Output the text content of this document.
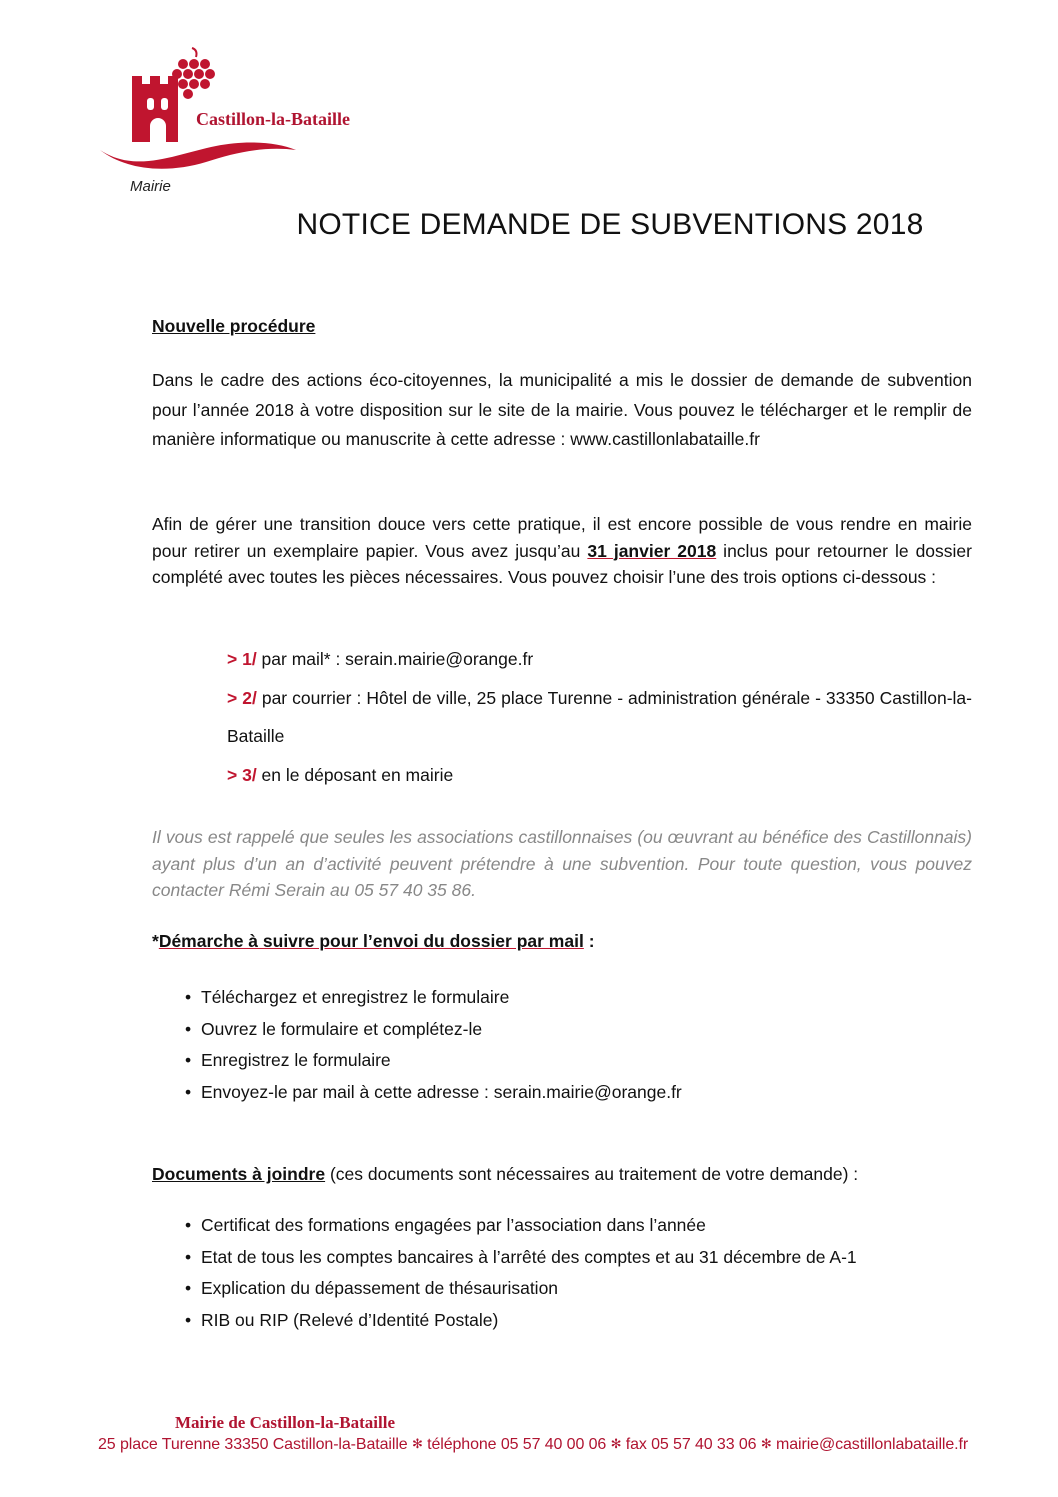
Castillon-la-Bataille
Mairie
NOTICE DEMANDE DE SUBVENTIONS 2018
Nouvelle procédure
Dans le cadre des actions éco-citoyennes, la municipalité a mis le dossier de demande de subvention pour l’année 2018 à votre disposition sur le site de la mairie. Vous pouvez le télécharger et le remplir de manière informatique ou manuscrite à cette adresse : www.castillonlabataille.fr
Afin de gérer une transition douce vers cette pratique, il est encore possible de vous rendre en mairie pour retirer un exemplaire papier. Vous avez jusqu’au 31 janvier 2018 inclus pour retourner le dossier complété avec toutes les pièces nécessaires. Vous pouvez choisir l’une des trois options ci-dessous :
> 1/ par mail* : serain.mairie@orange.fr
> 2/ par courrier : Hôtel de ville, 25 place Turenne - administration générale - 33350 Castillon-la-Bataille
> 3/ en le déposant en mairie
Il vous est rappelé que seules les associations castillonnaises (ou œuvrant au bénéfice des Castillonnais) ayant plus d’un an d’activité peuvent prétendre à une subvention. Pour toute question, vous pouvez contacter Rémi Serain au 05 57 40 35 86.
*Démarche à suivre pour l’envoi du dossier par mail :
• Téléchargez et enregistrez le formulaire
• Ouvrez le formulaire et complétez-le
• Enregistrez le formulaire
• Envoyez-le par mail à cette adresse : serain.mairie@orange.fr
Documents à joindre (ces documents sont nécessaires au traitement de votre demande) :
• Certificat des formations engagées par l’association dans l’année
• Etat de tous les comptes bancaires à l’arrêté des comptes et au 31 décembre de A-1
• Explication du dépassement de thésaurisation
• RIB ou RIP (Relevé d’Identité Postale)
Mairie de Castillon-la-Bataille
25 place Turenne 33350 Castillon-la-Bataille ✻ téléphone 05 57 40 00 06 ✻ fax 05 57 40 33 06 ✻ mairie@castillonlabataille.fr
